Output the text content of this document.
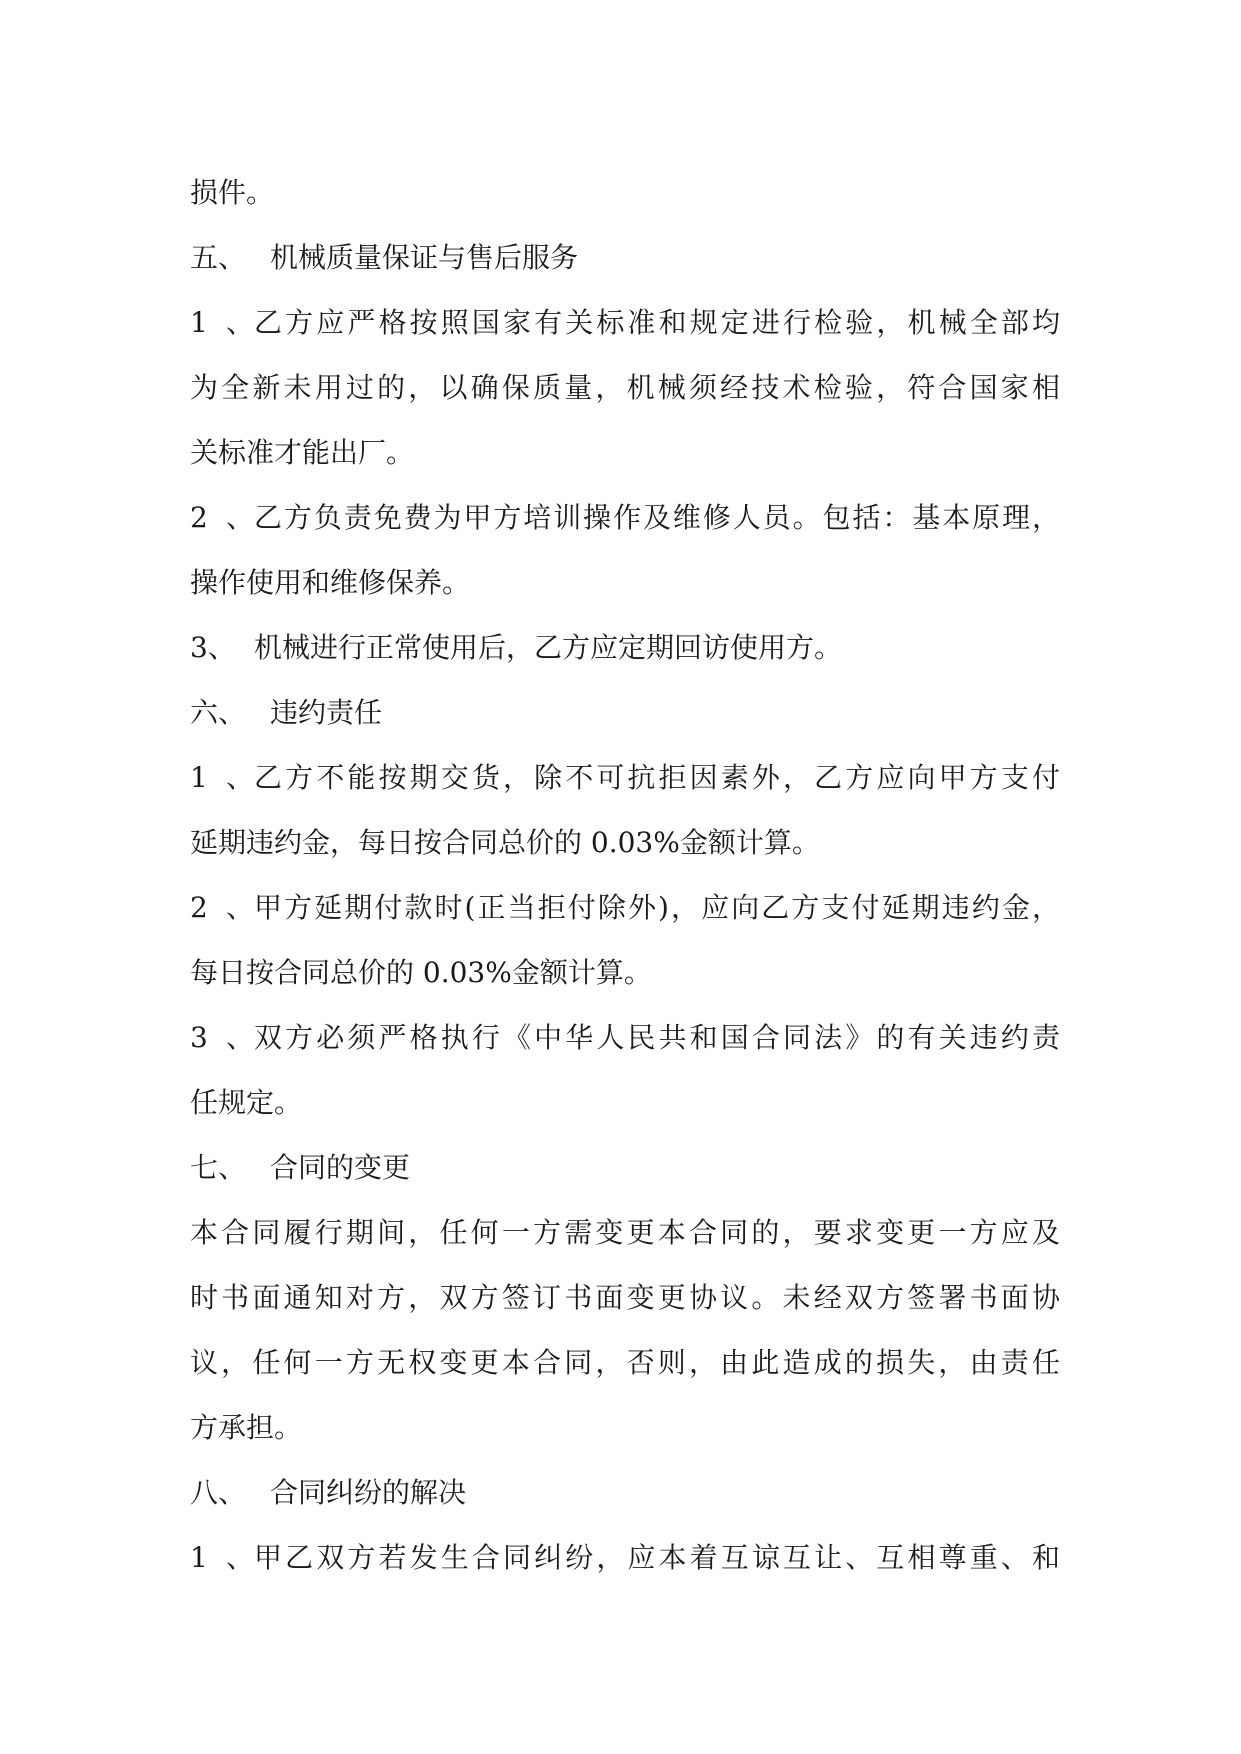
损件。
五、 机械质量保证与售后服务
1、乙方应严格按照国家有关标准和规定进行检验，机械全部均
为全新未用过的，以确保质量，机械须经技术检验，符合国家相
关标准才能出厂。
2、乙方负责免费为甲方培训操作及维修人员。包括：基本原理，
操作使用和维修保养。
3、 机械进行正常使用后，乙方应定期回访使用方。
六、 违约责任
1、乙方不能按期交货，除不可抗拒因素外，乙方应向甲方支付
延期违约金，每日按合同总价的 0.03%金额计算。
2、甲方延期付款时(正当拒付除外)，应向乙方支付延期违约金，
每日按合同总价的 0.03%金额计算。
3、双方必须严格执行《中华人民共和国合同法》的有关违约责
任规定。
七、 合同的变更
本合同履行期间，任何一方需变更本合同的，要求变更一方应及
时书面通知对方，双方签订书面变更协议。未经双方签署书面协
议，任何一方无权变更本合同，否则，由此造成的损失，由责任
方承担。
八、 合同纠纷的解决
1、甲乙双方若发生合同纠纷，应本着互谅互让、互相尊重、和
